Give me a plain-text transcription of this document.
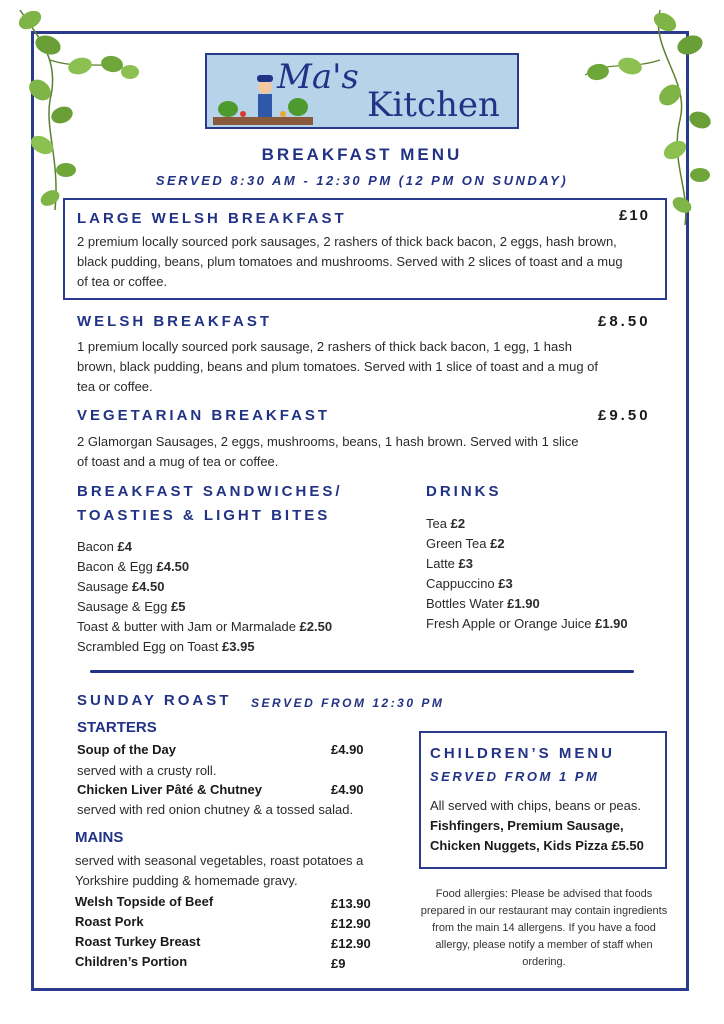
Ma's
Kitchen
BREAKFAST MENU
SERVED 8:30 AM - 12:30 PM (12 PM ON SUNDAY)
LARGE WELSH BREAKFAST	£10
2 premium locally sourced pork sausages, 2 rashers of thick back bacon, 2 eggs, hash brown, black pudding, beans, plum tomatoes and mushrooms. Served with 2 slices of toast and a mug of tea or coffee.
WELSH BREAKFAST	£8.50
1 premium locally sourced pork sausage, 2 rashers of thick back bacon, 1 egg, 1 hash brown, black pudding, beans and plum tomatoes. Served with 1 slice of toast and a mug of tea or coffee.
VEGETARIAN BREAKFAST	£9.50
2 Glamorgan Sausages, 2 eggs, mushrooms, beans, 1 hash brown. Served with 1 slice of toast and a mug of tea or coffee.
BREAKFAST SANDWICHES/
TOASTIES & LIGHT BITES
Bacon £4
Bacon & Egg £4.50
Sausage £4.50
Sausage & Egg £5
Toast & butter with Jam or Marmalade £2.50
Scrambled Egg on Toast £3.95
DRINKS
Tea £2
Green Tea £2
Latte £3
Cappuccino £3
Bottles Water £1.90
Fresh Apple or Orange Juice £1.90
SUNDAY ROAST SERVED FROM 12:30 PM
STARTERS
Soup of the Day	£4.90
served with a crusty roll.
Chicken Liver Pâté & Chutney	£4.90
served with red onion chutney & a tossed salad.
MAINS
served with seasonal vegetables, roast potatoes a Yorkshire pudding & homemade gravy.
Welsh Topside of Beef	£13.90
Roast Pork	£12.90
Roast Turkey Breast	£12.90
Children’s Portion	£9
CHILDREN’S MENU
SERVED FROM 1 PM
All served with chips, beans or peas.
Fishfingers, Premium Sausage,
Chicken Nuggets, Kids Pizza £5.50
Food allergies: Please be advised that foods prepared in our restaurant may contain ingredients from the main 14 allergens. If you have a food allergy, please notify a member of staff when ordering.
